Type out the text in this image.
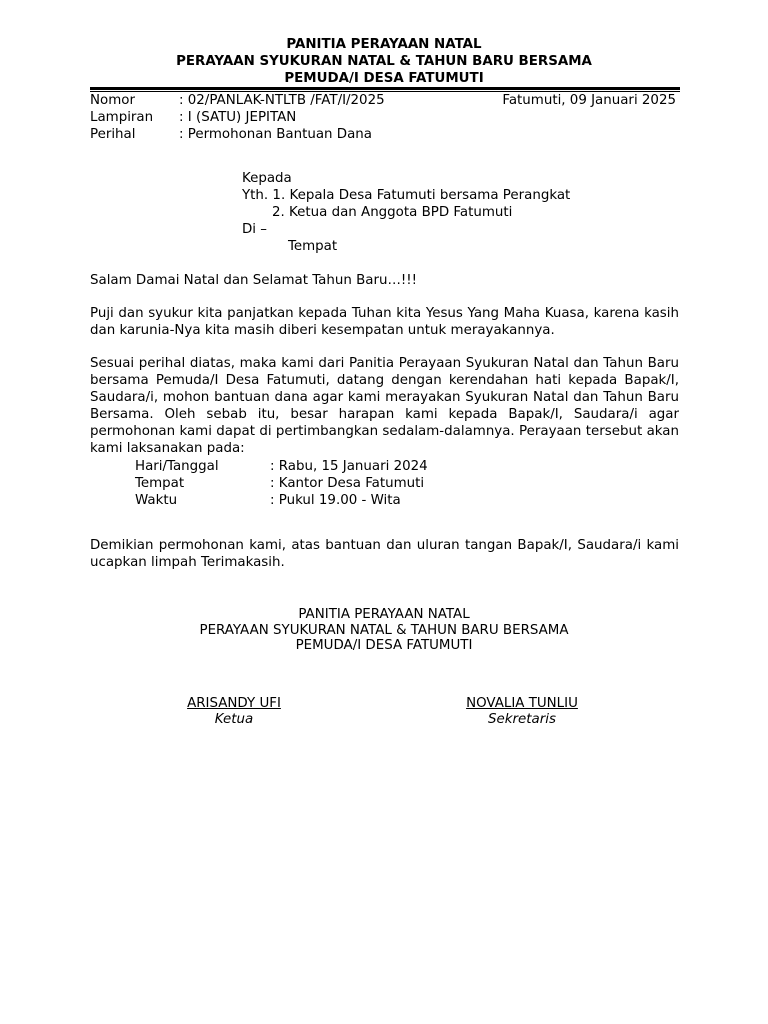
PANITIA PERAYAAN NATAL
PERAYAAN SYUKURAN NATAL & TAHUN BARU BERSAMA
PEMUDA/I DESA FATUMUTI
Nomor	: 02/PANLAK-NTLTB /FAT/I/2025	Fatumuti, 09 Januari 2025
Lampiran : I (SATU) JEPITAN
Perihal	: Permohonan Bantuan Dana
Kepada
Yth. 1. Kepala Desa Fatumuti bersama Perangkat
2. Ketua dan Anggota BPD Fatumuti
Di –
Tempat
Salam Damai Natal dan Selamat Tahun Baru…!!!
Puji dan syukur kita panjatkan kepada Tuhan kita Yesus Yang Maha Kuasa, karena kasih dan karunia-Nya kita masih diberi kesempatan untuk merayakannya.
Sesuai perihal diatas, maka kami dari Panitia Perayaan Syukuran Natal dan Tahun Baru bersama Pemuda/I Desa Fatumuti, datang dengan kerendahan hati kepada Bapak/I, Saudara/i, mohon bantuan dana agar kami merayakan Syukuran Natal dan Tahun Baru Bersama. Oleh sebab itu, besar harapan kami kepada Bapak/I, Saudara/i agar permohonan kami dapat di pertimbangkan sedalam-dalamnya. Perayaan tersebut akan kami laksanakan pada:
Hari/Tanggal	: Rabu, 15 Januari 2024
Tempat	: Kantor Desa Fatumuti
Waktu	: Pukul 19.00 - Wita
Demikian permohonan kami, atas bantuan dan uluran tangan Bapak/I, Saudara/i kami ucapkan limpah Terimakasih.
PANITIA PERAYAAN NATAL
PERAYAAN SYUKURAN NATAL & TAHUN BARU BERSAMA
PEMUDA/I DESA FATUMUTI
ARISANDY UFI
Ketua
NOVALIA TUNLIU
Sekretaris
